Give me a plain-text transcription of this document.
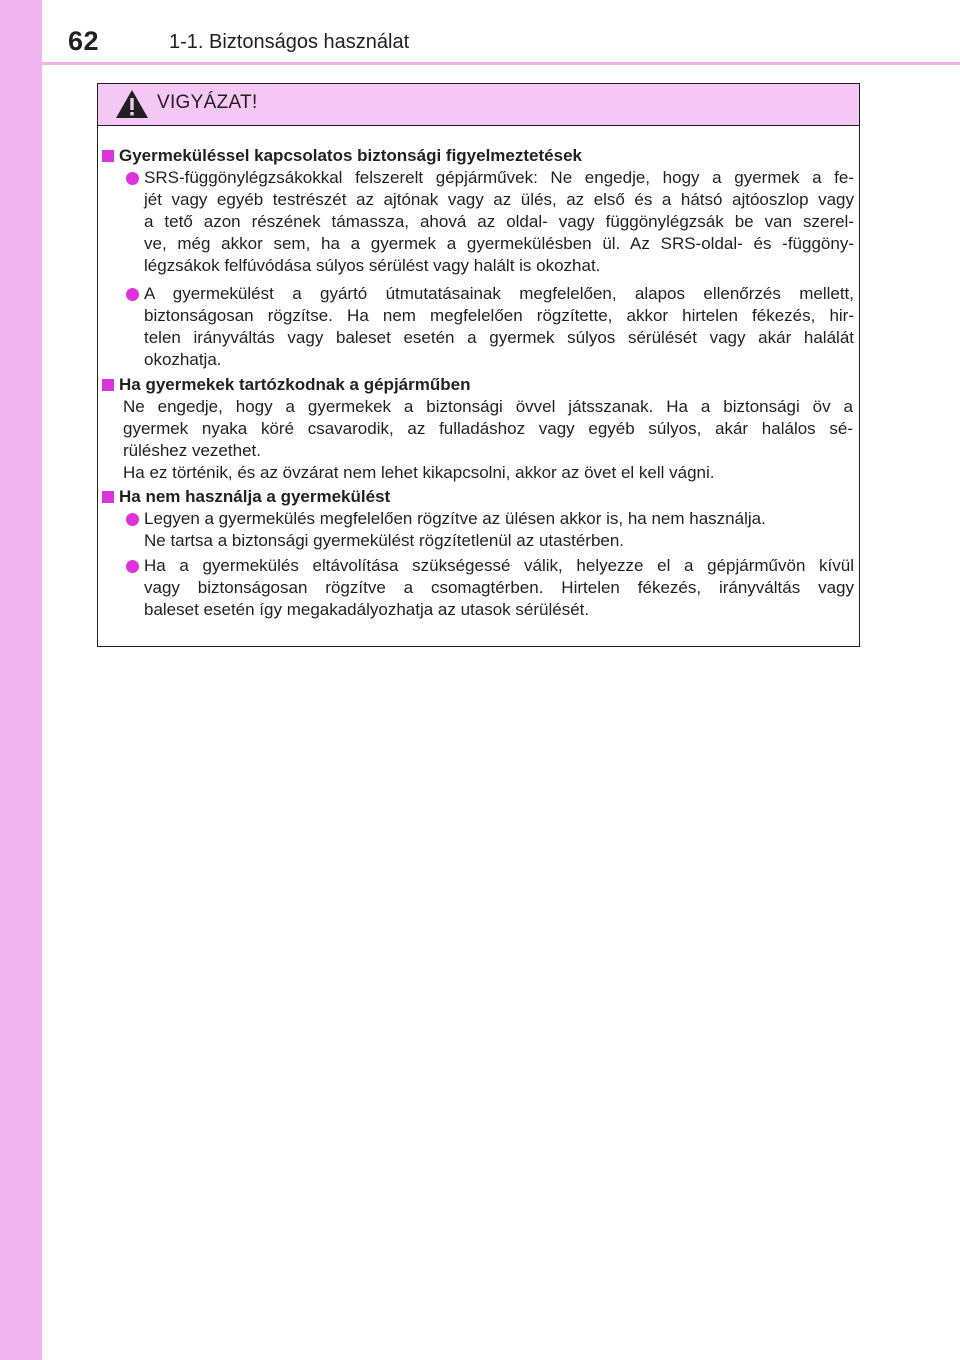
62	1-1. Biztonságos használat
VIGYÁZAT!
Gyermeküléssel kapcsolatos biztonsági figyelmeztetések
SRS-függönylégzsákokkal felszerelt gépjárművek: Ne engedje, hogy a gyermek a fe-
jét vagy egyéb testrészét az ajtónak vagy az ülés, az első és a hátsó ajtóoszlop vagy
a tető azon részének támassza, ahová az oldal- vagy függönylégzsák be van szerel-
ve, még akkor sem, ha a gyermek a gyermekülésben ül. Az SRS-oldal- és -függöny-
légzsákok felfúvódása súlyos sérülést vagy halált is okozhat.
A gyermekülést a gyártó útmutatásainak megfelelően, alapos ellenőrzés mellett,
biztonságosan rögzítse. Ha nem megfelelően rögzítette, akkor hirtelen fékezés, hir-
telen irányváltás vagy baleset esetén a gyermek súlyos sérülését vagy akár halálát
okozhatja.
Ha gyermekek tartózkodnak a gépjárműben
Ne engedje, hogy a gyermekek a biztonsági övvel játsszanak. Ha a biztonsági öv a
gyermek nyaka köré csavarodik, az fulladáshoz vagy egyéb súlyos, akár halálos sé-
rüléshez vezethet.
Ha ez történik, és az övzárat nem lehet kikapcsolni, akkor az övet el kell vágni.
Ha nem használja a gyermekülést
Legyen a gyermekülés megfelelően rögzítve az ülésen akkor is, ha nem használja.
Ne tartsa a biztonsági gyermekülést rögzítetlenül az utastérben.
Ha a gyermekülés eltávolítása szükségessé válik, helyezze el a gépjárművön kívül
vagy biztonságosan rögzítve a csomagtérben. Hirtelen fékezés, irányváltás vagy
baleset esetén így megakadályozhatja az utasok sérülését.
